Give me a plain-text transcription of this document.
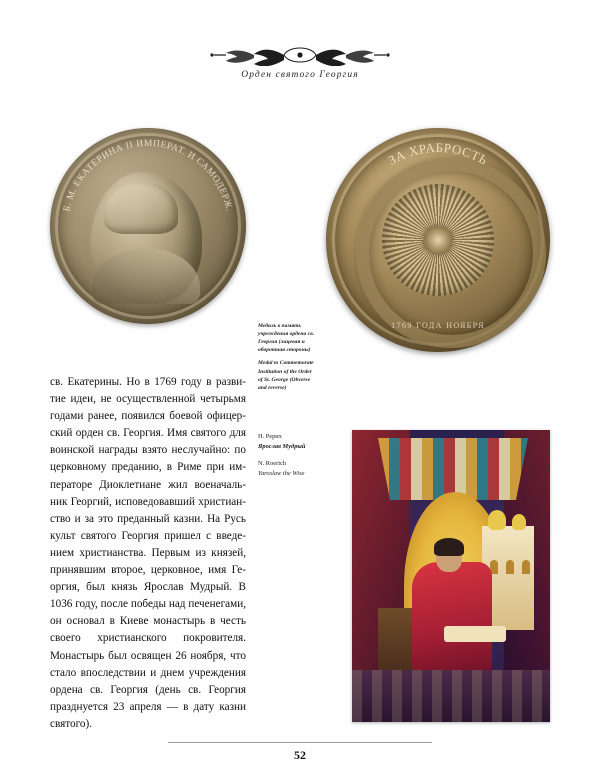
Орден святого Георгия
Б. М. ЕКАТЕРИНА II ИМПЕРАТ. И САМОДЕРЖ.
ЗА ХРАБРОСТЬ
1769 ГОДА НОЯБРЯ
Медаль в память учреждения ордена св. Георгия (лицевая и оборотная стороны)
Medal to Commemorate Institution of the Order of St. George (Obverse and reverse)

св. Екатерины. Но в 1769 году в развитие идеи, не осуществленной четырьмя годами ранее, появился боевой офицерский орден св. Георгия. Имя святого для воинской награды взято неслучайно: по церковному преданию, в Риме при императоре Диоклетиане жил военачальник Георгий, исповедовавший христианство и за это преданный казни. На Русь культ святого Георгия пришел с введением христианства. Первым из князей, принявшим второе, церковное, имя Георгия, был князь Ярослав Мудрый. В 1036 году, после победы над печенегами, он основал в Киеве монастырь в честь своего христианского покровителя. Монастырь был освящен 26 ноября, что стало впоследствии и днем учреждения ордена св. Георгия (день св. Георгия празднуется 23 апреля — в дату казни святого).

Н. Рерих
Ярослав Мудрый
N. Roerich
Yaroslaw the Wise
52
